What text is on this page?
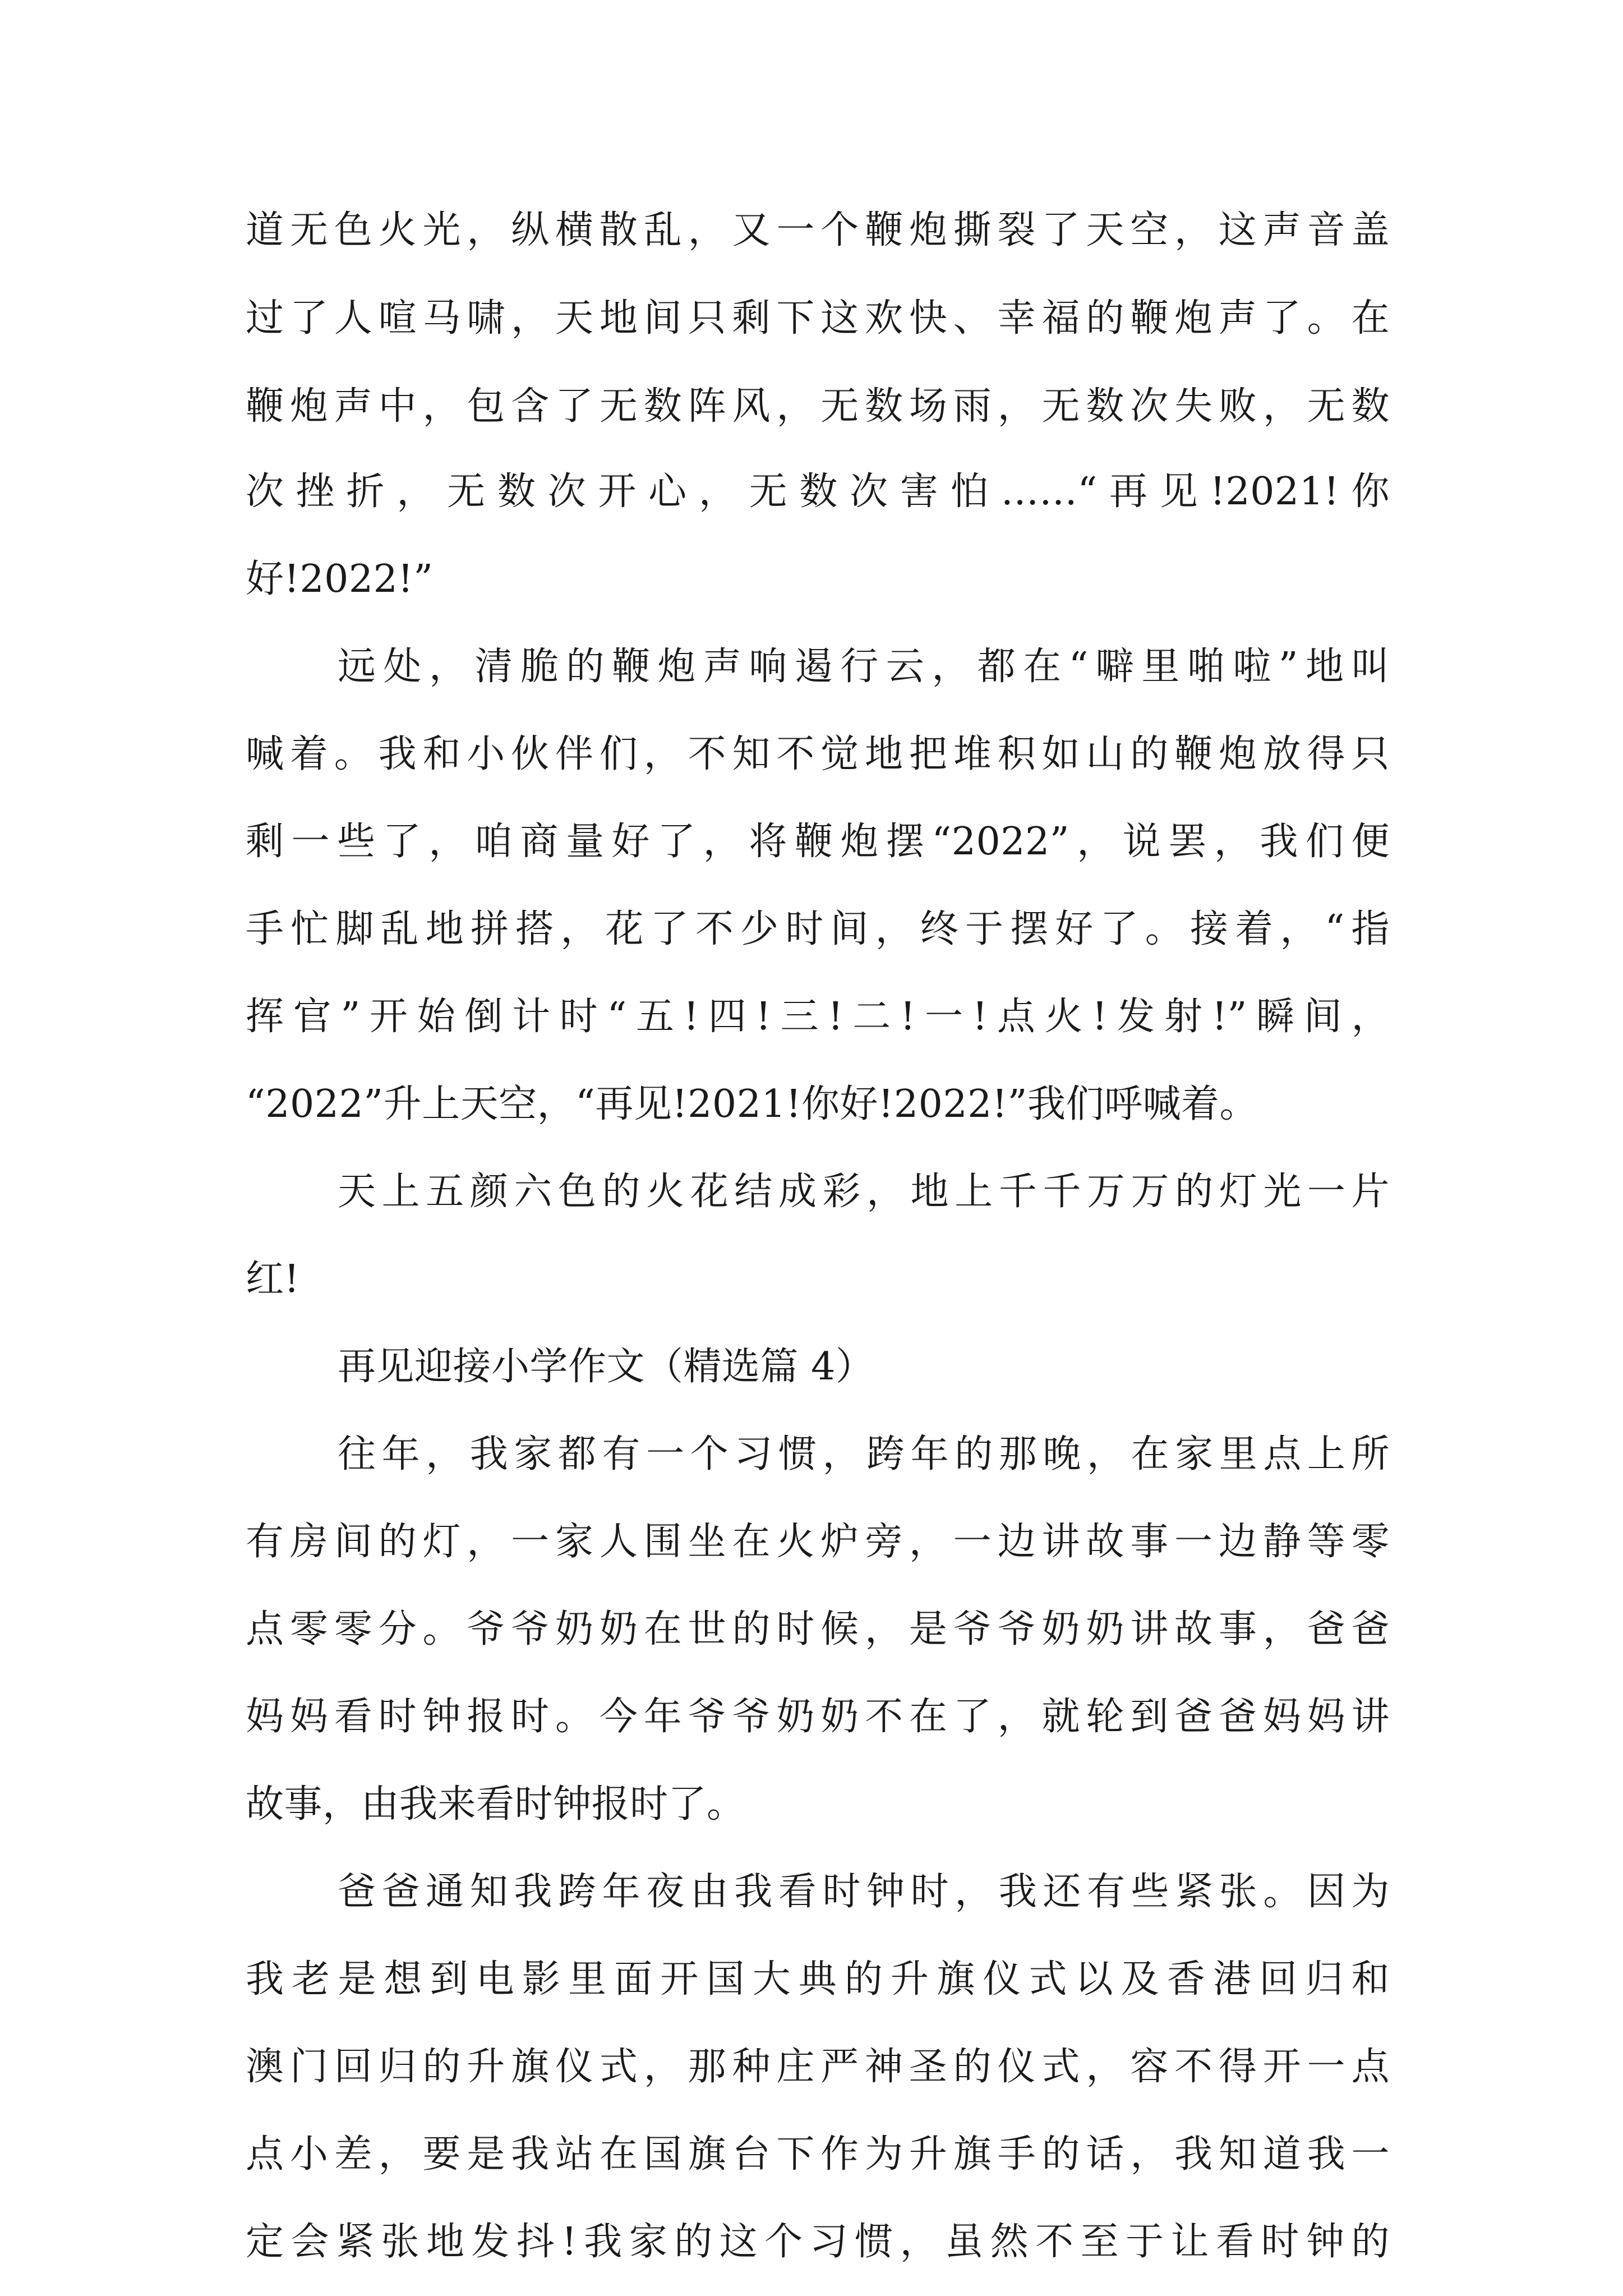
道无色火光，纵横散乱，又一个鞭炮撕裂了天空，这声音盖
过了人喧马啸，天地间只剩下这欢快、幸福的鞭炮声了。在
鞭炮声中，包含了无数阵风，无数场雨，无数次失败，无数
次挫折，无数次开心，无数次害怕……“再见!2021!你
好!2022!”
远处，清脆的鞭炮声响遏行云，都在“噼里啪啦”地叫
喊着。我和小伙伴们，不知不觉地把堆积如山的鞭炮放得只
剩一些了，咱商量好了，将鞭炮摆“2022”，说罢，我们便
手忙脚乱地拼搭，花了不少时间，终于摆好了。接着，“指
挥官”开始倒计时“五!四!三!二!一!点火!发射!”瞬间，
“2022”升上天空，“再见!2021!你好!2022!”我们呼喊着。
天上五颜六色的火花结成彩，地上千千万万的灯光一片
红!
再见迎接小学作文（精选篇 4）
往年，我家都有一个习惯，跨年的那晚，在家里点上所
有房间的灯，一家人围坐在火炉旁，一边讲故事一边静等零
点零零分。爷爷奶奶在世的时候，是爷爷奶奶讲故事，爸爸
妈妈看时钟报时。今年爷爷奶奶不在了，就轮到爸爸妈妈讲
故事，由我来看时钟报时了。
爸爸通知我跨年夜由我看时钟时，我还有些紧张。因为
我老是想到电影里面开国大典的升旗仪式以及香港回归和
澳门回归的升旗仪式，那种庄严神圣的仪式，容不得开一点
点小差，要是我站在国旗台下作为升旗手的话，我知道我一
定会紧张地发抖!我家的这个习惯，虽然不至于让看时钟的
